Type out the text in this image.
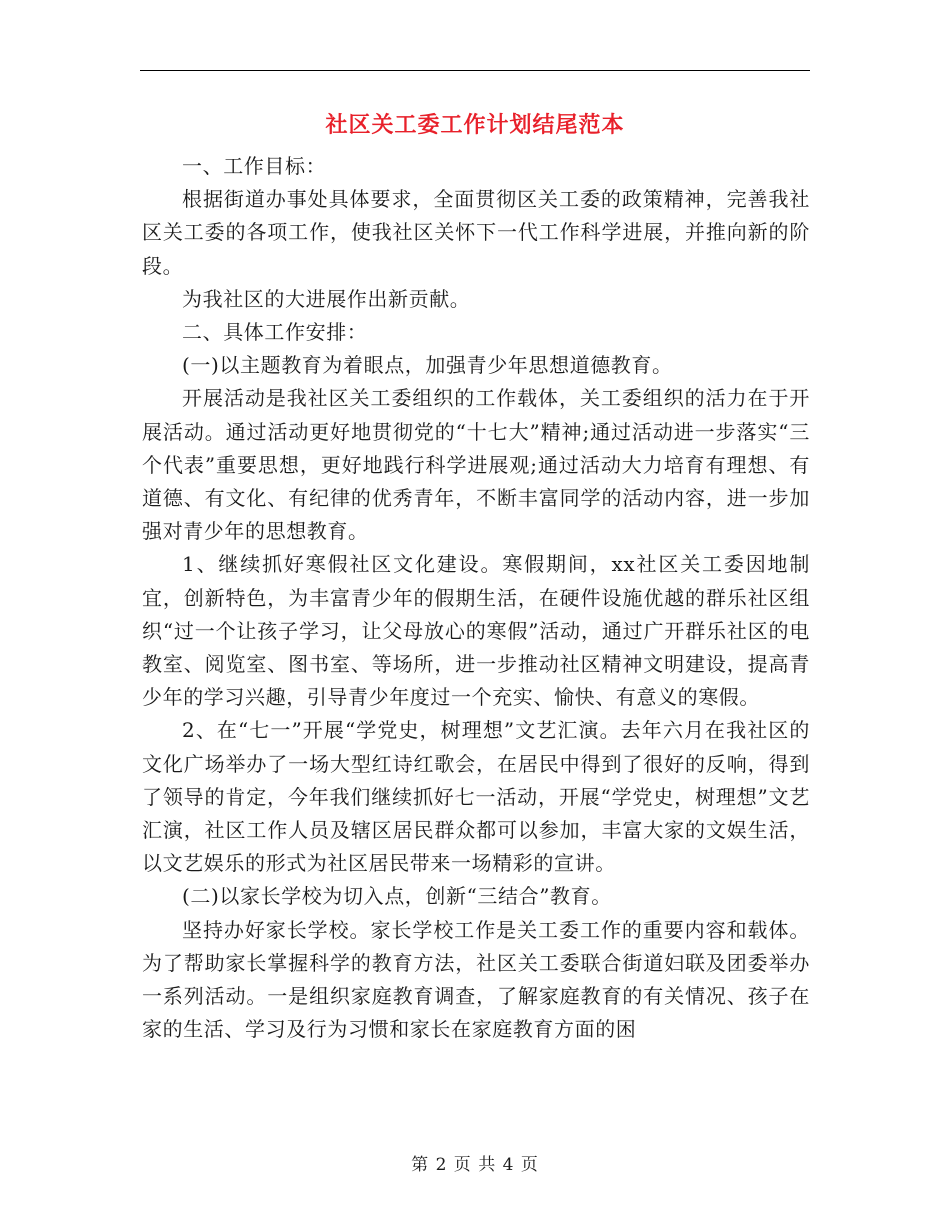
社区关工委工作计划结尾范本

一、工作目标：

根据街道办事处具体要求，全面贯彻区关工委的政策精神，完善我社区关工委的各项工作，使我社区关怀下一代工作科学进展，并推向新的阶段。

为我社区的大进展作出新贡献。

二、具体工作安排：

(一)以主题教育为着眼点，加强青少年思想道德教育。

开展活动是我社区关工委组织的工作载体，关工委组织的活力在于开展活动。通过活动更好地贯彻党的“十七大”精神;通过活动进一步落实“三个代表”重要思想，更好地践行科学进展观;通过活动大力培育有理想、有道德、有文化、有纪律的优秀青年，不断丰富同学的活动内容，进一步加强对青少年的思想教育。

1、继续抓好寒假社区文化建设。寒假期间，xx社区关工委因地制宜，创新特色，为丰富青少年的假期生活，在硬件设施优越的群乐社区组织“过一个让孩子学习，让父母放心的寒假”活动，通过广开群乐社区的电教室、阅览室、图书室、等场所，进一步推动社区精神文明建设，提高青少年的学习兴趣，引导青少年度过一个充实、愉快、有意义的寒假。

2、在“七一”开展“学党史，树理想”文艺汇演。去年六月在我社区的文化广场举办了一场大型红诗红歌会，在居民中得到了很好的反响，得到了领导的肯定，今年我们继续抓好七一活动，开展“学党史，树理想”文艺汇演，社区工作人员及辖区居民群众都可以参加，丰富大家的文娱生活，以文艺娱乐的形式为社区居民带来一场精彩的宣讲。

(二)以家长学校为切入点，创新“三结合”教育。

坚持办好家长学校。家长学校工作是关工委工作的重要内容和载体。为了帮助家长掌握科学的教育方法，社区关工委联合街道妇联及团委举办一系列活动。一是组织家庭教育调查，了解家庭教育的有关情况、孩子在家的生活、学习及行为习惯和家长在家庭教育方面的困

第 2 页 共 4 页
